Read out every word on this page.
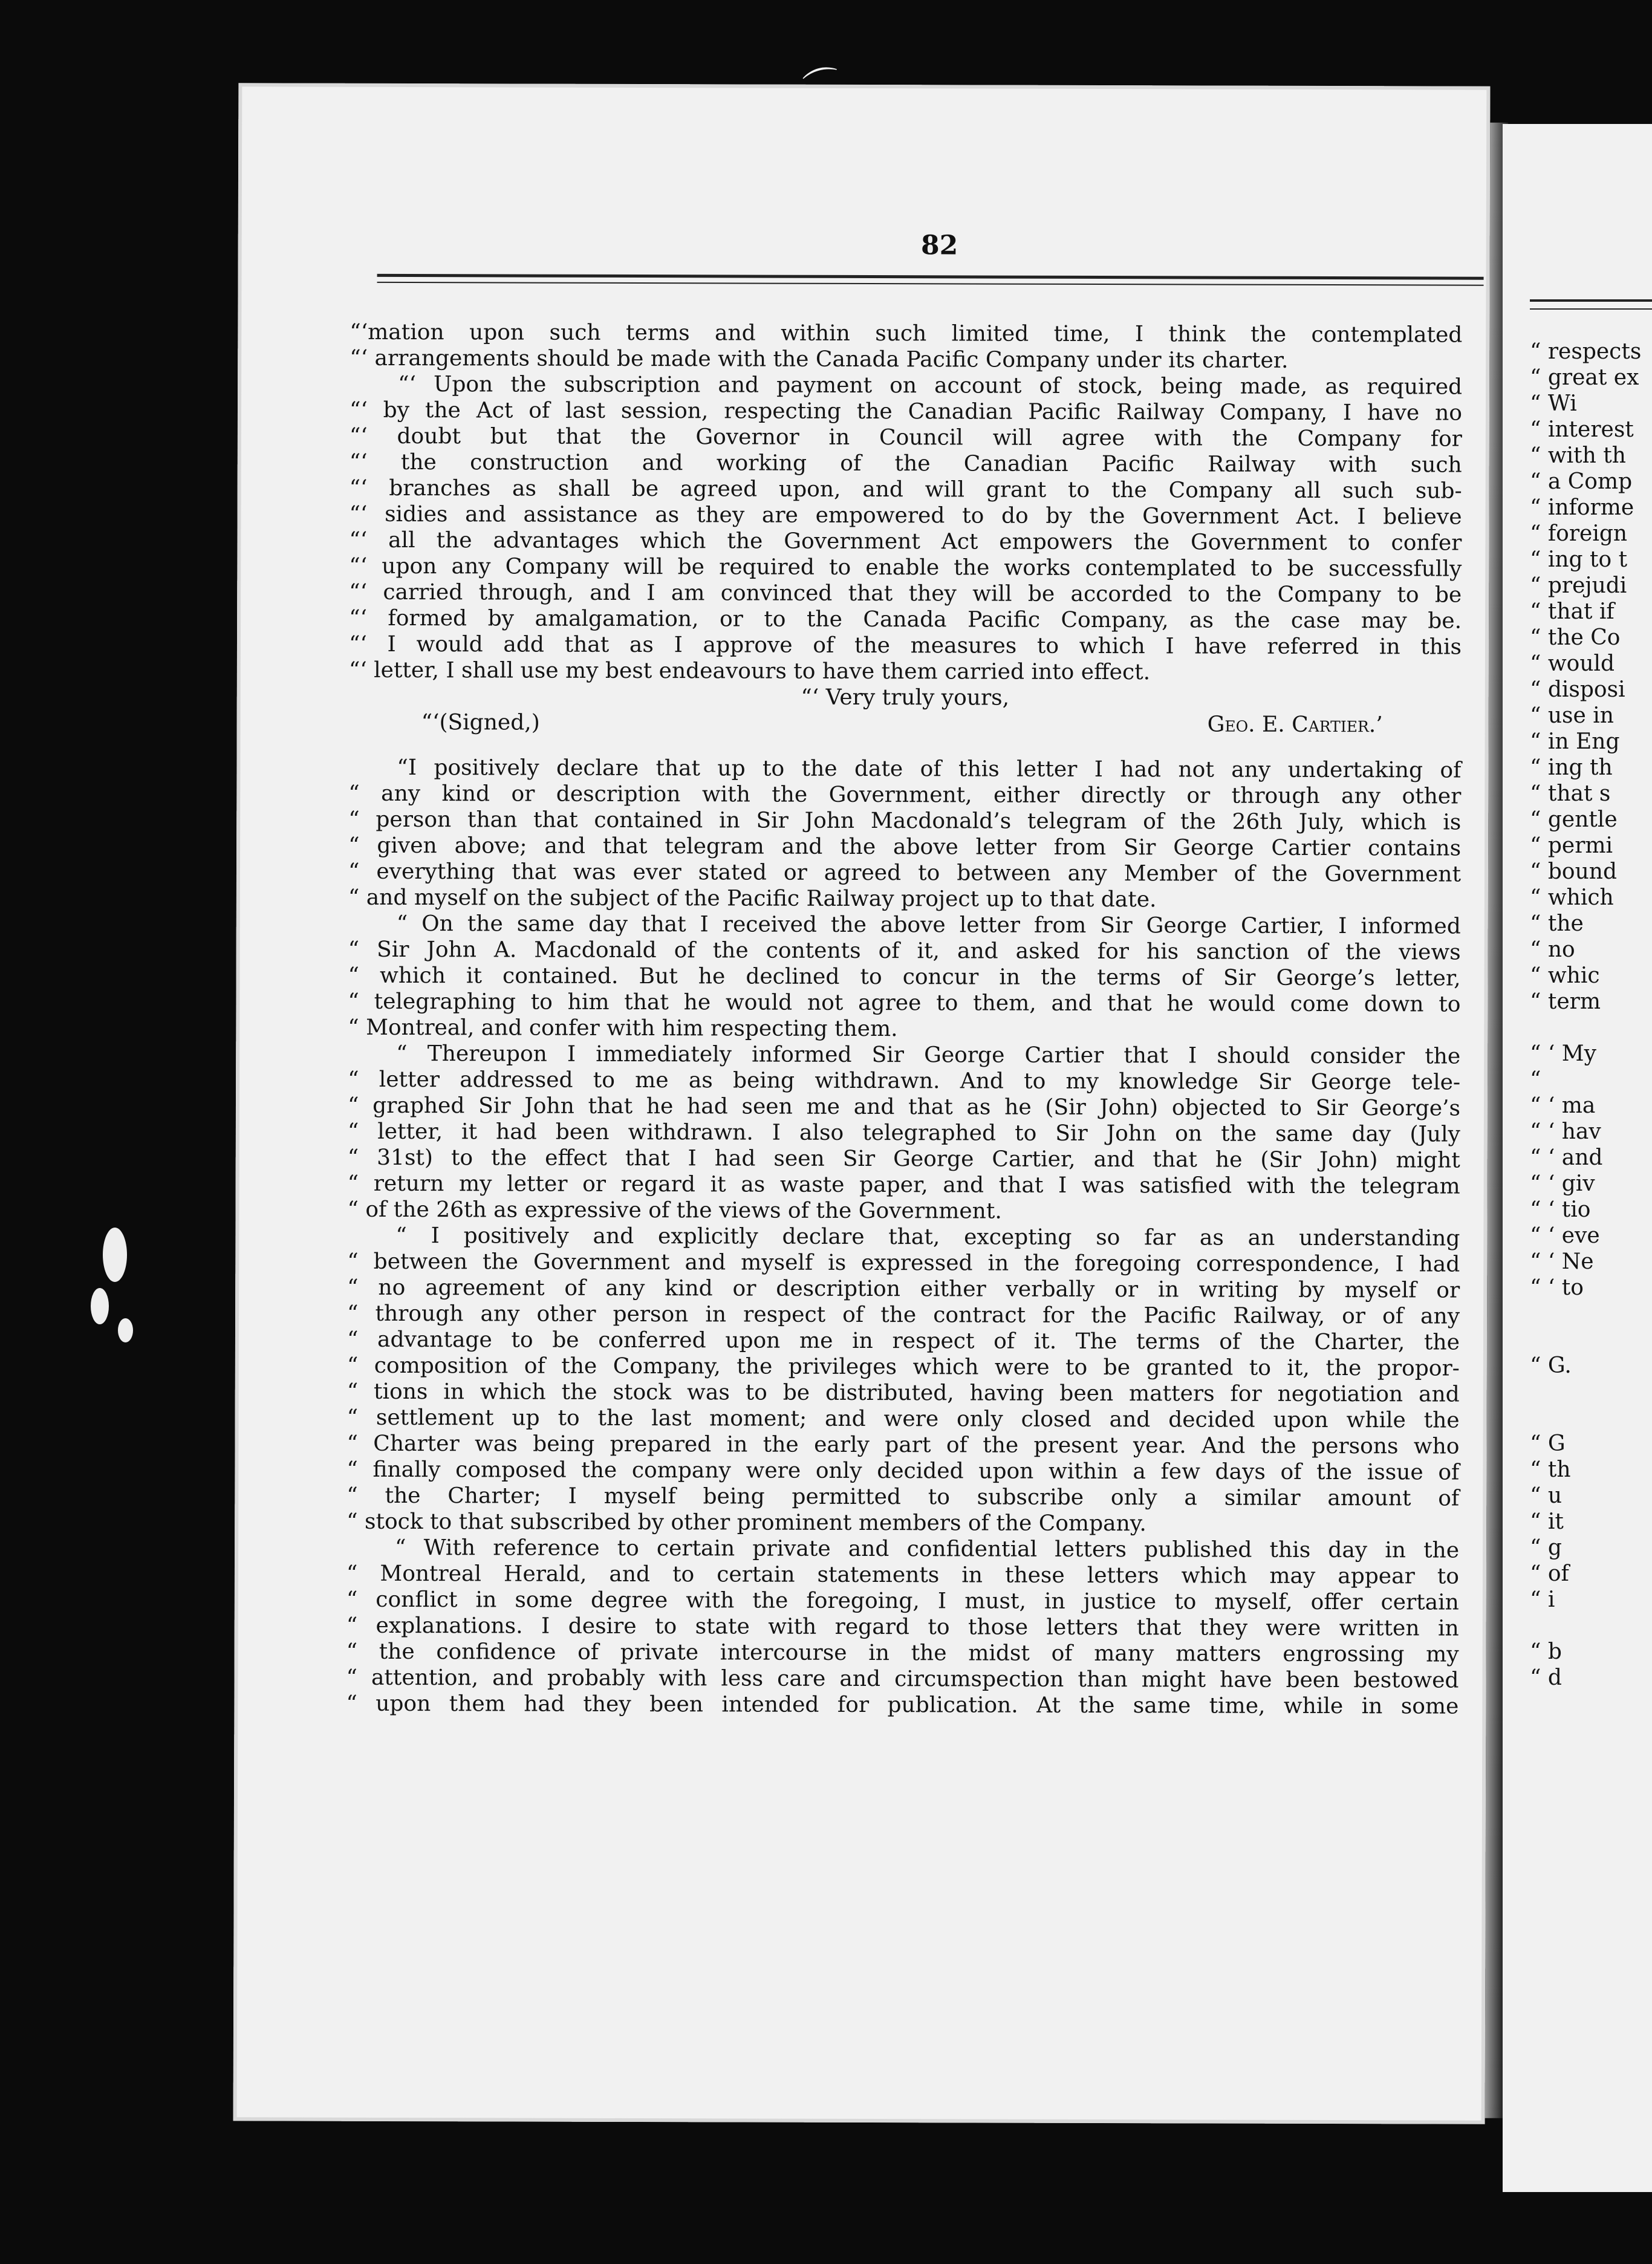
82
“‘mation upon such terms and within such limited time, I think the contemplated
“‘ arrangements should be made with the Canada Pacific Company under its charter.
“‘ Upon the subscription and payment on account of stock, being made, as required
“‘ by the Act of last session, respecting the Canadian Pacific Railway Company, I have no
“‘ doubt but that the Governor in Council will agree with the Company for
“‘ the construction and working of the Canadian Pacific Railway with such
“‘ branches as shall be agreed upon, and will grant to the Company all such sub-
“‘ sidies and assistance as they are empowered to do by the Government Act. I believe
“‘ all the advantages which the Government Act empowers the Government to confer
“‘ upon any Company will be required to enable the works contemplated to be successfully
“‘ carried through, and I am convinced that they will be accorded to the Company to be
“‘ formed by amalgamation, or to the Canada Pacific Company, as the case may be.
“‘ I would add that as I approve of the measures to which I have referred in this
“‘ letter, I shall use my best endeavours to have them carried into effect.
“‘ Very truly yours,
“‘(Signed,)	Geo. E. Cartier.’
“I positively declare that up to the date of this letter I had not any undertaking of
“ any kind or description with the Government, either directly or through any other
“ person than that contained in Sir John Macdonald’s telegram of the 26th July, which is
“ given above; and that telegram and the above letter from Sir George Cartier contains
“ everything that was ever stated or agreed to between any Member of the Government
“ and myself on the subject of the Pacific Railway project up to that date.
“ On the same day that I received the above letter from Sir George Cartier, I informed
“ Sir John A. Macdonald of the contents of it, and asked for his sanction of the views
“ which it contained. But he declined to concur in the terms of Sir George’s letter,
“ telegraphing to him that he would not agree to them, and that he would come down to
“ Montreal, and confer with him respecting them.
“ Thereupon I immediately informed Sir George Cartier that I should consider the
“ letter addressed to me as being withdrawn. And to my knowledge Sir George tele-
“ graphed Sir John that he had seen me and that as he (Sir John) objected to Sir George’s
“ letter, it had been withdrawn. I also telegraphed to Sir John on the same day (July
“ 31st) to the effect that I had seen Sir George Cartier, and that he (Sir John) might
“ return my letter or regard it as waste paper, and that I was satisfied with the telegram
“ of the 26th as expressive of the views of the Government.
“ I positively and explicitly declare that, excepting so far as an understanding
“ between the Government and myself is expressed in the foregoing correspondence, I had
“ no agreement of any kind or description either verbally or in writing by myself or
“ through any other person in respect of the contract for the Pacific Railway, or of any
“ advantage to be conferred upon me in respect of it. The terms of the Charter, the
“ composition of the Company, the privileges which were to be granted to it, the propor-
“ tions in which the stock was to be distributed, having been matters for negotiation and
“ settlement up to the last moment; and were only closed and decided upon while the
“ Charter was being prepared in the early part of the present year. And the persons who
“ finally composed the company were only decided upon within a few days of the issue of
“ the Charter; I myself being permitted to subscribe only a similar amount of
“ stock to that subscribed by other prominent members of the Company.
“ With reference to certain private and confidential letters published this day in the
“ Montreal Herald, and to certain statements in these letters which may appear to
“ conflict in some degree with the foregoing, I must, in justice to myself, offer certain
“ explanations. I desire to state with regard to those letters that they were written in
“ the confidence of private intercourse in the midst of many matters engrossing my
“ attention, and probably with less care and circumspection than might have been bestowed
“ upon them had they been intended for publication. At the same time, while in some
“ respects
“ great ex
“ Wi
“ interest
“ with th
“ a Comp
“ informe
“ foreign
“ ing to t
“ prejudi
“ that if
“ the Co
“ would
“ disposi
“ use in
“ in Eng
“ ing th
“ that s
“ gentle
“ permi
“ bound
“ which
“ the
“ no
“ whic
“ term
“ ‘ My
“
“ ‘ ma
“ ‘ hav
“ ‘ and
“ ‘ giv
“ ‘ tio
“ ‘ eve
“ ‘ Ne
“ ‘ to
“ G.
“ G
“ th
“ u
“ it
“ g
“ of
“ i
“ b
“ d
